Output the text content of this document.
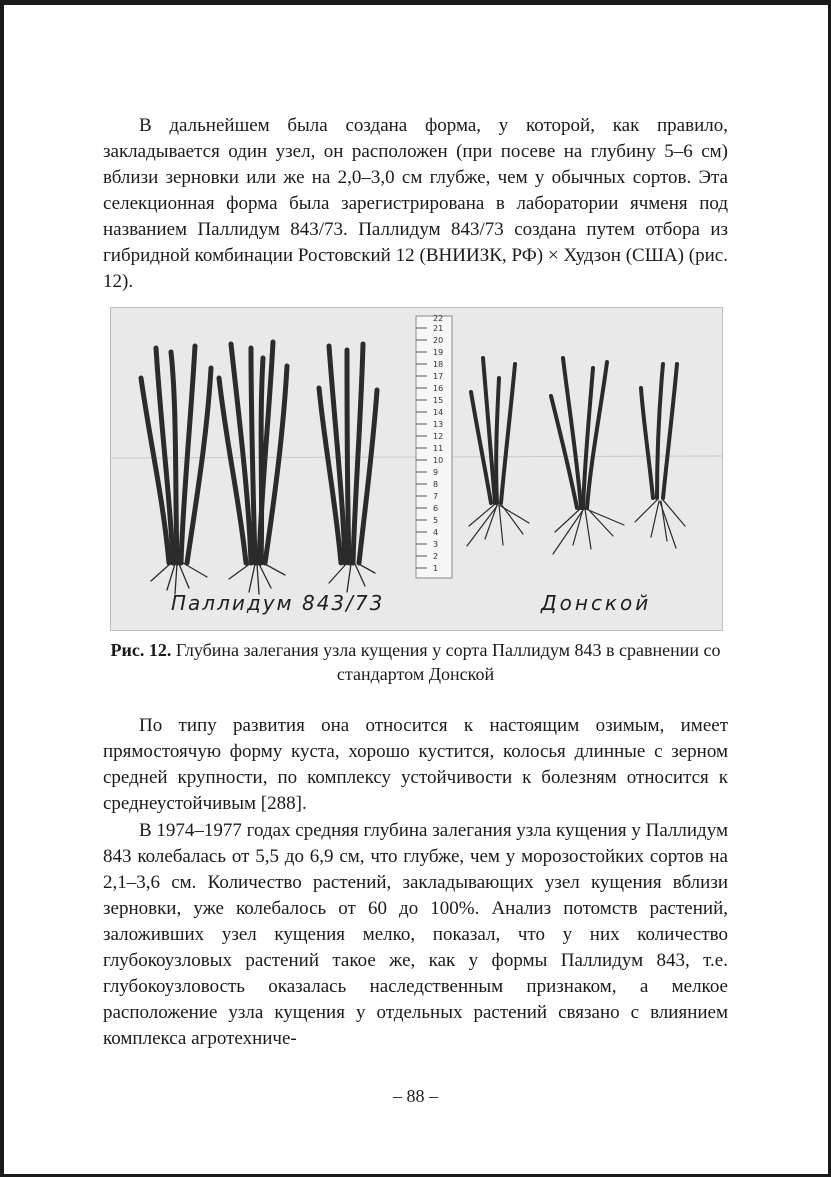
В дальнейшем была создана форма, у которой, как правило, закладывается один узел, он расположен (при посеве на глубину 5–6 см) вблизи зерновки или же на 2,0–3,0 см глубже, чем у обычных сортов. Эта селекционная форма была зарегистрирована в лаборатории ячменя под названием Паллидум 843/73. Паллидум 843/73 создана путем отбора из гибридной комбинации Ростовский 12 (ВНИИЗК, РФ) × Худзон (США) (рис. 12).

1
2
3
4
5
6
7
8
9
10
11
12
13
14
15
16
17
18
19
20
21
22
Паллидум 843/73	Донской
Рис. 12. Глубина залегания узла кущения у сорта Паллидум 843 в сравнении со стандартом Донской

По типу развития она относится к настоящим озимым, имеет прямостоячую форму куста, хорошо кустится, колосья длинные с зерном средней крупности, по комплексу устойчивости к болезням относится к среднеустойчивым [288].

В 1974–1977 годах средняя глубина залегания узла кущения у Паллидум 843 колебалась от 5,5 до 6,9 см, что глубже, чем у морозостойких сортов на 2,1–3,6 см. Количество растений, закладывающих узел кущения вблизи зерновки, уже колебалось от 60 до 100%. Анализ потомств растений, заложивших узел кущения мелко, показал, что у них количество глубокоузловых растений такое же, как у формы Паллидум 843, т.е. глубокоузловость оказалась наследственным признаком, а мелкое расположение узла кущения у отдельных растений связано с влиянием комплекса агротехниче-

– 88 –
